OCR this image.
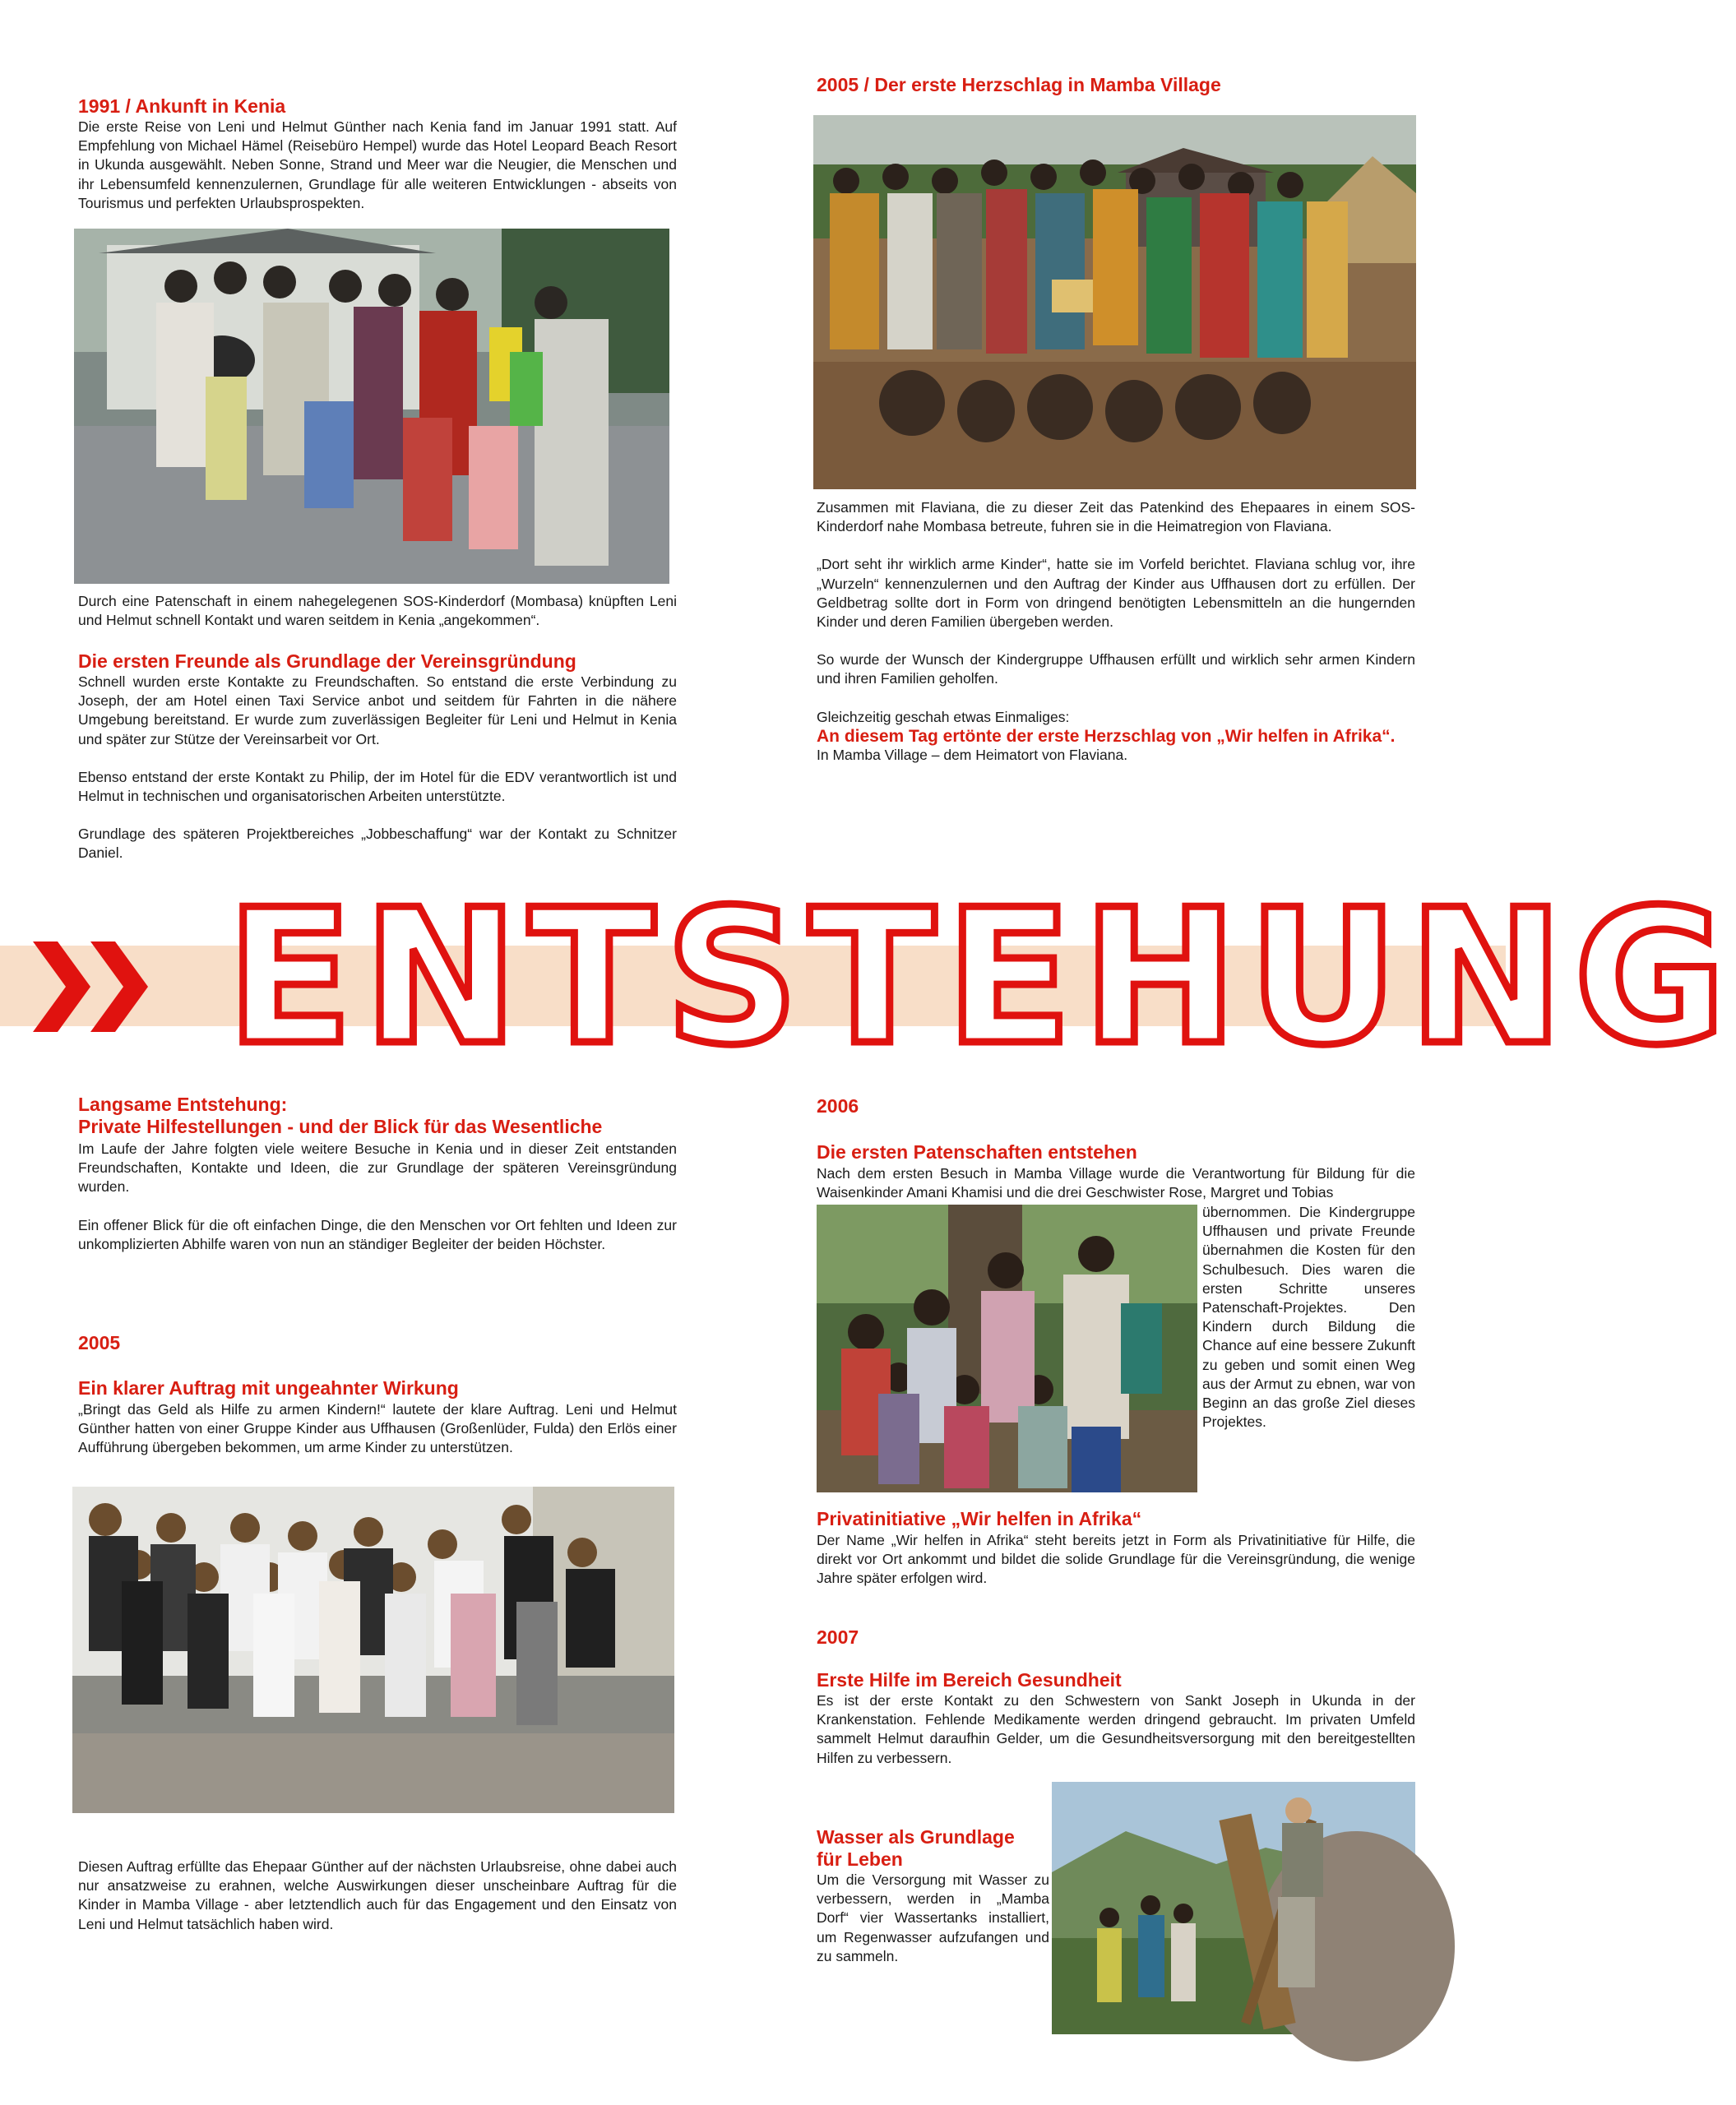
1991 / Ankunft in Kenia
Die erste Reise von Leni und Helmut Günther nach Kenia fand im Januar 1991 statt. Auf Empfehlung von Michael Hämel (Reisebüro Hempel) wurde das Hotel Leopard Beach Resort in Ukunda ausgewählt. Neben Sonne, Strand und Meer war die Neugier, die Menschen und ihr Lebensumfeld kennenzulernen, Grundlage für alle weiteren Entwicklungen - abseits von Tourismus und perfekten Urlaubsprospekten.
Durch eine Patenschaft in einem nahegelegenen SOS-Kinderdorf (Mombasa) knüpften Leni und Helmut schnell Kontakt und waren seitdem in Kenia „angekommen“.
Die ersten Freunde als Grundlage der Vereinsgründung

Schnell wurden erste Kontakte zu Freundschaften. So entstand die erste Verbindung zu Joseph, der am Hotel einen Taxi Service anbot und seitdem für Fahrten in die nähere Umgebung bereitstand. Er wurde zum zuverlässigen Begleiter für Leni und Helmut in Kenia und später zur Stütze der Vereinsarbeit vor Ort.

Ebenso entstand der erste Kontakt zu Philip, der im Hotel für die EDV verantwortlich ist und Helmut in technischen und organisatorischen Arbeiten unterstützte.

Grundlage des späteren Projektbereiches „Jobbeschaffung“ war der Kontakt zu Schnitzer Daniel.

2005 / Der erste Herzschlag in Mamba Village

Zusammen mit Flaviana, die zu dieser Zeit das Patenkind des Ehepaares in einem SOS-Kinderdorf nahe Mombasa betreute, fuhren sie in die Heimatregion von Flaviana.

„Dort seht ihr wirklich arme Kinder“, hatte sie im Vorfeld berichtet. Flaviana schlug vor, ihre „Wurzeln“ kennenzulernen und den Auftrag der Kinder aus Uffhausen dort zu erfüllen. Der Geldbetrag sollte dort in Form von dringend benötigten Lebensmitteln an die hungernden Kinder und deren Familien übergeben werden.

So wurde der Wunsch der Kindergruppe Uffhausen erfüllt und wirklich sehr armen Kindern und ihren Familien geholfen.

Gleichzeitig geschah etwas Einmaliges:

An diesem Tag ertönte der erste Herzschlag von „Wir helfen in Afrika“.
In Mamba Village – dem Heimatort von Flaviana.
ENTSTEHUNG
Langsame Entstehung:
Private Hilfestellungen - und der Blick für das Wesentliche

Im Laufe der Jahre folgten viele weitere Besuche in Kenia und in dieser Zeit entstanden Freundschaften, Kontakte und Ideen, die zur Grundlage der späteren Vereinsgründung wurden.

Ein offener Blick für die oft einfachen Dinge, die den Menschen vor Ort fehlten und Ideen zur unkomplizierten Abhilfe waren von nun an ständiger Begleiter der beiden Höchster.

2005
Ein klarer Auftrag mit ungeahnter Wirkung
„Bringt das Geld als Hilfe zu armen Kindern!“ lautete der klare Auftrag. Leni und Helmut Günther hatten von einer Gruppe Kinder aus Uffhausen (Großenlüder, Fulda) den Erlös einer Aufführung übergeben bekommen, um arme Kinder zu unterstützen.
Diesen Auftrag erfüllte das Ehepaar Günther auf der nächsten Urlaubsreise, ohne dabei auch nur ansatzweise zu erahnen, welche Auswirkungen dieser unscheinbare Auftrag für die Kinder in Mamba Village - aber letztendlich auch für das Engagement und den Einsatz von Leni und Helmut tatsächlich haben wird.
2006
Die ersten Patenschaften entstehen
Nach dem ersten Besuch in Mamba Village wurde die Verantwortung für Bildung für die Waisenkinder Amani Khamisi und die drei Geschwister Rose, Margret und Tobias
übernommen. Die Kindergruppe Uffhausen und private Freunde übernahmen die Kosten für den Schulbesuch. Dies waren die ersten Schritte unseres Patenschaft-Projektes. Den Kindern durch Bildung die Chance auf eine bessere Zukunft zu geben und somit einen Weg aus der Armut zu ebnen, war von Beginn an das große Ziel dieses Projektes.
Privatinitiative „Wir helfen in Afrika“
Der Name „Wir helfen in Afrika“ steht bereits jetzt in Form als Privatinitiative für Hilfe, die direkt vor Ort ankommt und bildet die solide Grundlage für die Vereinsgründung, die wenige Jahre später erfolgen wird.
2007
Erste Hilfe im Bereich Gesundheit
Es ist der erste Kontakt zu den Schwestern von Sankt Joseph in Ukunda in der Krankenstation. Fehlende Medikamente werden dringend gebraucht. Im privaten Umfeld sammelt Helmut daraufhin Gelder, um die Gesundheitsversorgung mit den bereitgestellten Hilfen zu verbessern.
Wasser als Grundlage
für Leben
Um die Versorgung mit Wasser zu verbessern, werden in „Mamba Dorf“ vier Wassertanks installiert, um Regenwasser aufzufangen und zu sammeln.
